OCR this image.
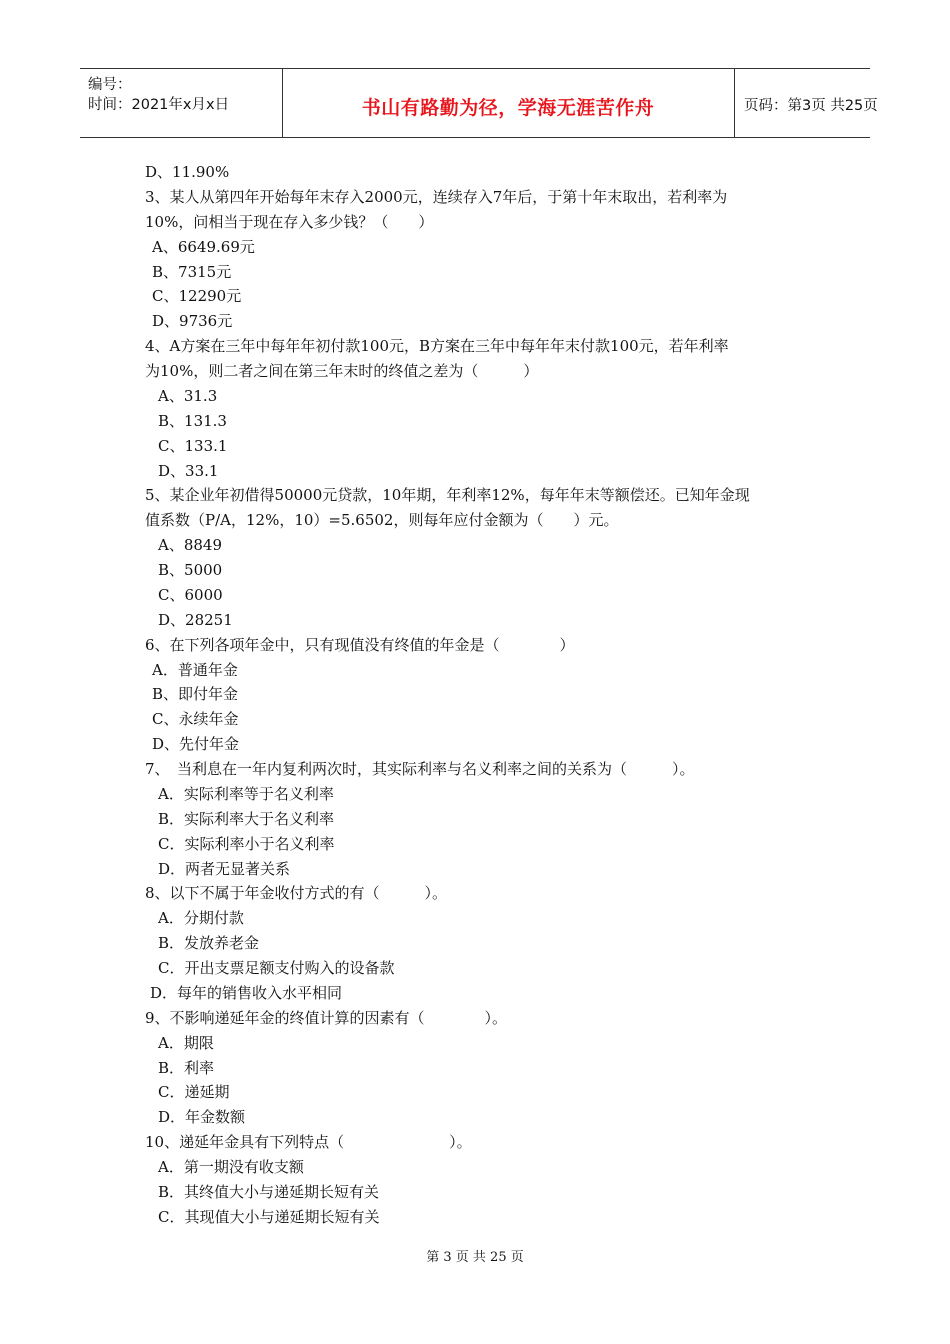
编号：
时间：2021年x月x日	书山有路勤为径，学海无涯苦作舟	页码：第3页 共25页
D、11.90%
3、某人从第四年开始每年末存入2000元，连续存入7年后，于第十年末取出，若利率为
10%，问相当于现在存入多少钱？（　　）
A、6649.69元
B、7315元
C、12290元
D、9736元
4、A方案在三年中每年年初付款100元，B方案在三年中每年年末付款100元，若年利率
为10%，则二者之间在第三年末时的终值之差为（　　　）
A、31.3
B、131.3
C、133.1
D、33.1
5、某企业年初借得50000元贷款，10年期，年利率12%，每年年末等额偿还。已知年金现
值系数（P/A，12%，10）=5.6502，则每年应付金额为（　　）元。
A、8849
B、5000
C、6000
D、28251
6、在下列各项年金中，只有现值没有终值的年金是（　　　　）
A．普通年金
B、即付年金
C、永续年金
D、先付年金
7、　当利息在一年内复利两次时，其实际利率与名义利率之间的关系为（　　　）。
A．实际利率等于名义利率
B．实际利率大于名义利率
C．实际利率小于名义利率
D．两者无显著关系
8、以下不属于年金收付方式的有（　　　）。
A．分期付款
B．发放养老金
C．开出支票足额支付购入的设备款
D．每年的销售收入水平相同
9、不影响递延年金的终值计算的因素有（　　　　）。
A．期限
B．利率
C．递延期
D．年金数额
10、递延年金具有下列特点（　　　　　　　）。
A．第一期没有收支额
B．其终值大小与递延期长短有关
C．其现值大小与递延期长短有关
第 3 页 共 25 页
